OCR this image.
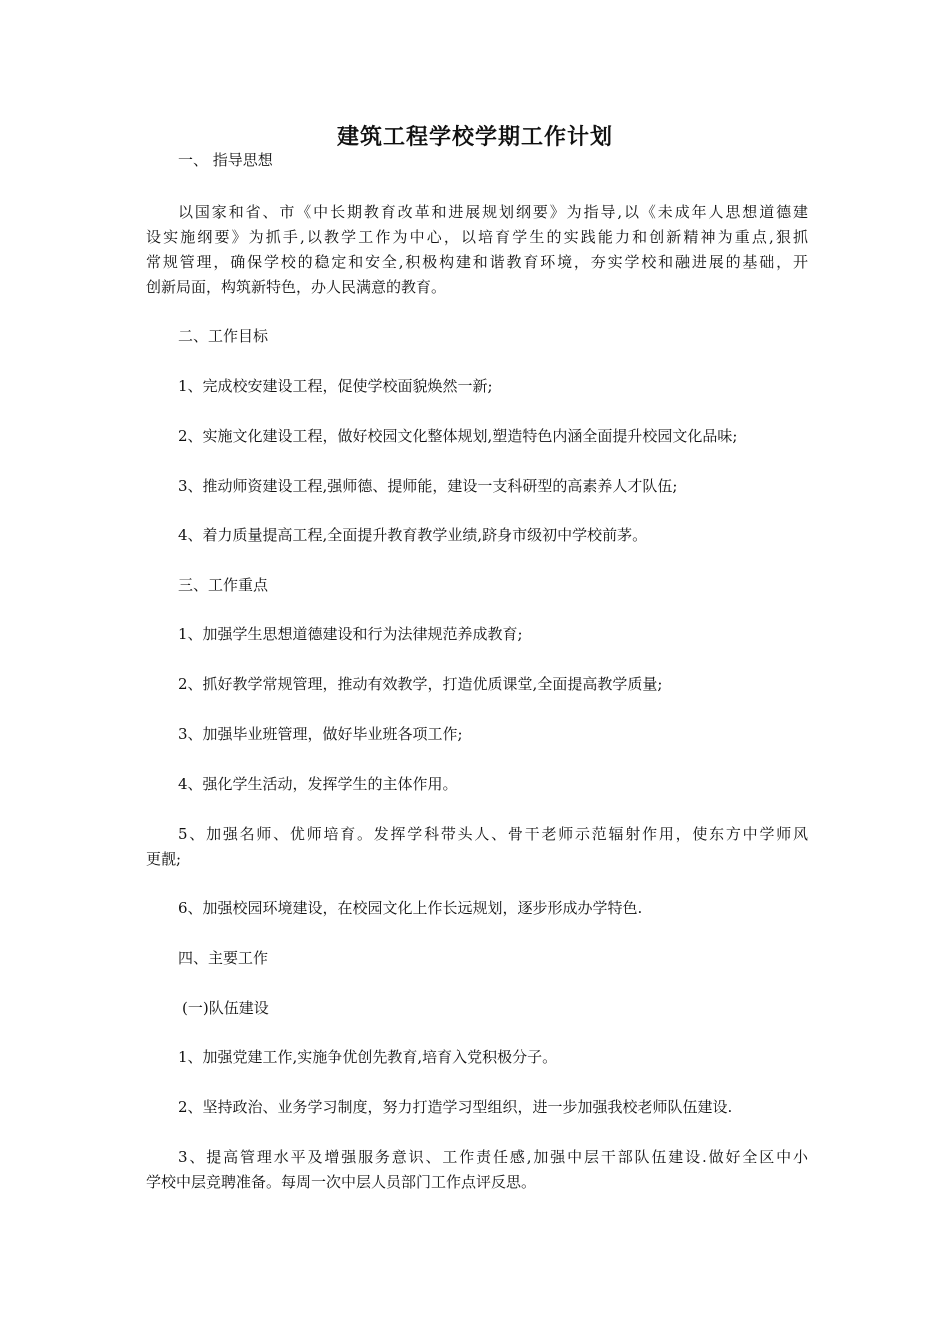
建筑工程学校学期工作计划
一、 指导思想
以国家和省、市《中长期教育改革和进展规划纲要》为指导,以《未成年人思想道德建
设实施纲要》为抓手,以教学工作为中心，以培育学生的实践能力和创新精神为重点,狠抓
常规管理，确保学校的稳定和安全,积极构建和谐教育环境，夯实学校和融进展的基础，开
创新局面，构筑新特色，办人民满意的教育。
二、工作目标
1、完成校安建设工程，促使学校面貌焕然一新;
2、实施文化建设工程，做好校园文化整体规划,塑造特色内涵全面提升校园文化品味;
3、推动师资建设工程,强师德、提师能，建设一支科研型的高素养人才队伍;
4、着力质量提高工程,全面提升教育教学业绩,跻身市级初中学校前茅。
三、工作重点
1、加强学生思想道德建设和行为法律规范养成教育;
2、抓好教学常规管理，推动有效教学，打造优质课堂,全面提高教学质量;
3、加强毕业班管理，做好毕业班各项工作;
4、强化学生活动，发挥学生的主体作用。
5、加强名师、优师培育。发挥学科带头人、骨干老师示范辐射作用，使东方中学师风
更靓;
6、加强校园环境建设，在校园文化上作长远规划，逐步形成办学特色.
四、主要工作
(一)队伍建设
1、加强党建工作,实施争优创先教育,培育入党积极分子。
2、坚持政治、业务学习制度，努力打造学习型组织，进一步加强我校老师队伍建设.
3、提高管理水平及增强服务意识、工作责任感,加强中层干部队伍建设.做好全区中小
学校中层竞聘准备。每周一次中层人员部门工作点评反思。
